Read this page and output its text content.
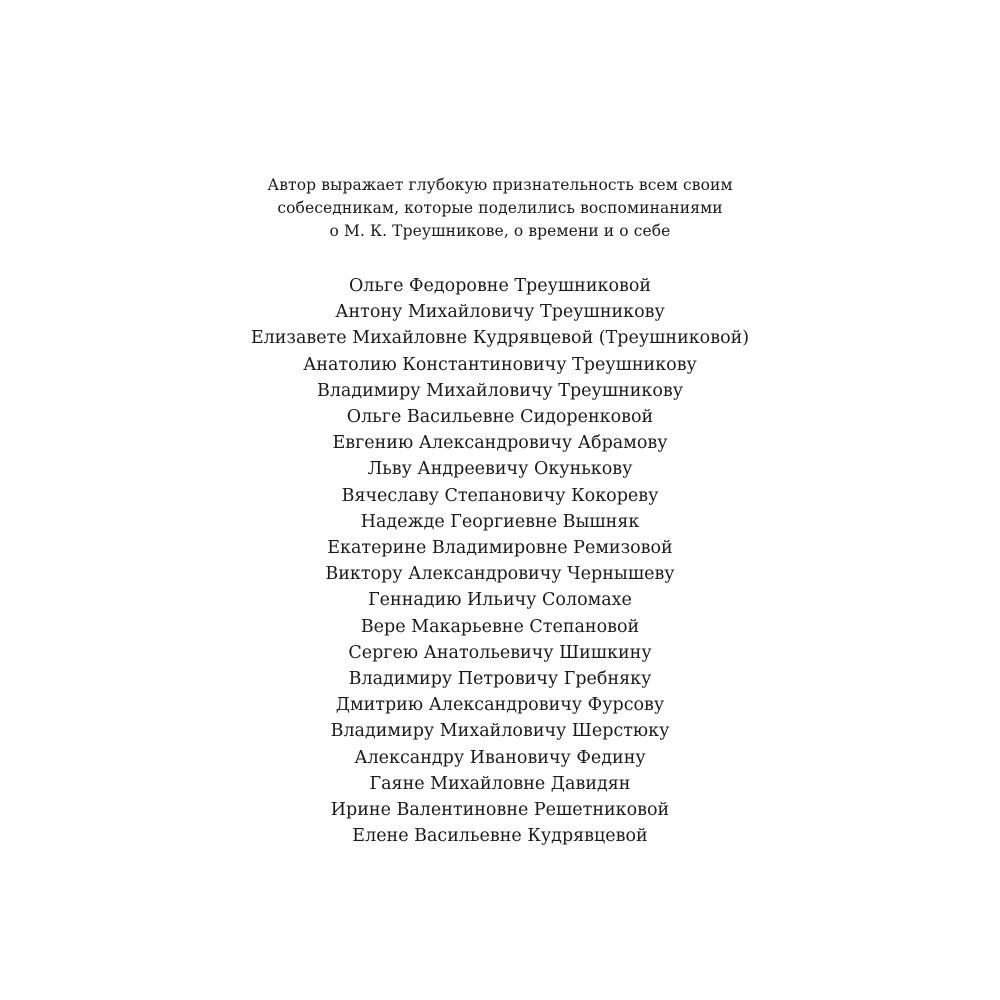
Автор выражает глубокую признательность всем своим
собеседникам, которые поделились воспоминаниями
о М. К. Треушникове, о времени и о себе
Ольге Федоровне Треушниковой
Антону Михайловичу Треушникову
Елизавете Михайловне Кудрявцевой (Треушниковой)
Анатолию Константиновичу Треушникову
Владимиру Михайловичу Треушникову
Ольге Васильевне Сидоренковой
Евгению Александровичу Абрамову
Льву Андреевичу Окунькову
Вячеславу Степановичу Кокореву
Надежде Георгиевне Вышняк
Екатерине Владимировне Ремизовой
Виктору Александровичу Чернышеву
Геннадию Ильичу Соломахе
Вере Макарьевне Степановой
Сергею Анатольевичу Шишкину
Владимиру Петровичу Гребняку
Дмитрию Александровичу Фурсову
Владимиру Михайловичу Шерстюку
Александру Ивановичу Федину
Гаяне Михайловне Давидян
Ирине Валентиновне Решетниковой
Елене Васильевне Кудрявцевой
